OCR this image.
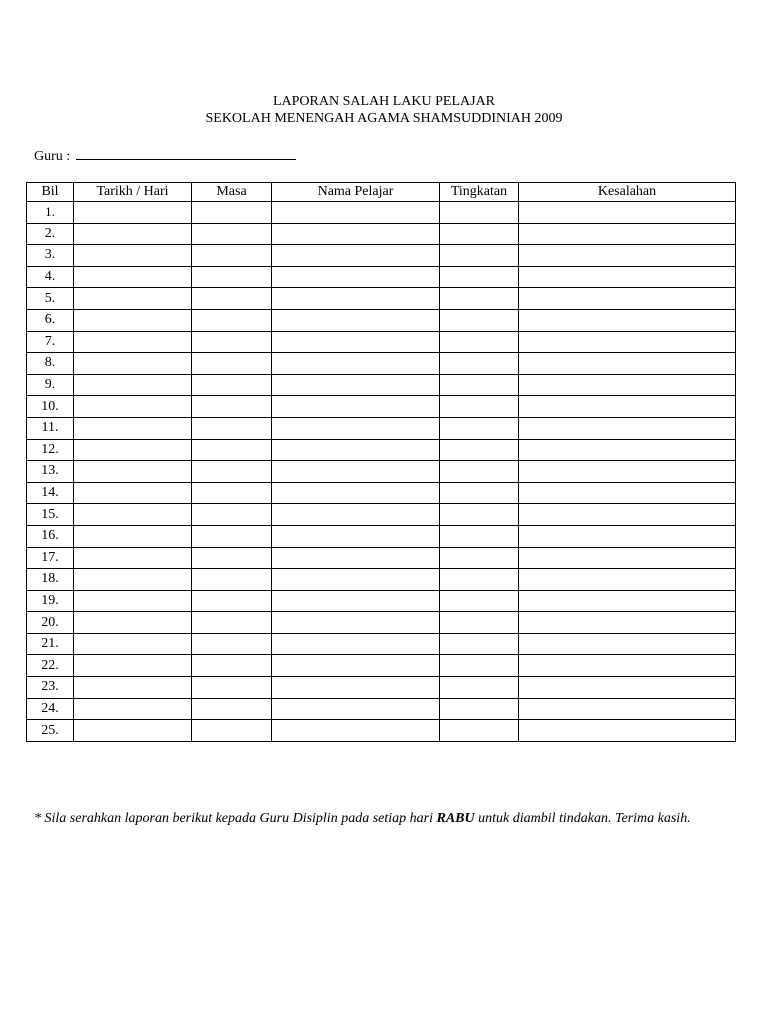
LAPORAN SALAH LAKU PELAJAR
SEKOLAH MENENGAH AGAMA SHAMSUDDINIAH 2009
Guru :
Bil	Tarikh / Hari	Masa	Nama Pelajar	Tingkatan	Kesalahan
1.					
2.					
3.					
4.					
5.					
6.					
7.					
8.					
9.					
10.					
11.					
12.					
13.					
14.					
15.					
16.					
17.					
18.					
19.					
20.					
21.					
22.					
23.					
24.					
25.					
* Sila serahkan laporan berikut kepada Guru Disiplin pada setiap hari RABU untuk diambil tindakan. Terima kasih.
